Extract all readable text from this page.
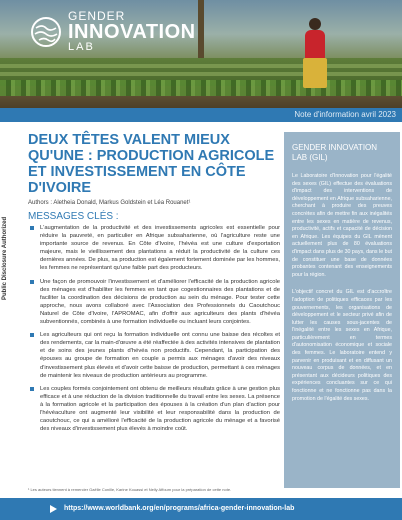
Note d'information avril 2023
GENDER
INNOVATION
LAB
Public Disclosure Authorized
DEUX TÊTES VALENT MIEUX QU'UNE : PRODUCTION AGRICOLE ET INVESTISSEMENT EN CÔTE D'IVOIRE
Authors : Aletheia Donald, Markus Goldstein et Léa Rouanet¹
MESSAGES CLÉS :
L'augmentation de la productivité et des investissements agricoles est essentielle pour réduire la pauvreté, en particulier en Afrique subsaharienne, où l'agriculture reste une importante source de revenus. En Côte d'Ivoire, l'hévéa est une culture d'exportation majeure, mais le vieillissement des plantations a réduit la productivité de la culture ces dernières années. De plus, sa production est également fortement dominée par les hommes, les femmes ne représentant qu'une faible part des producteurs.
Une façon de promouvoir l'investissement et d'améliorer l'efficacité de la production agricole des ménages est d'habiliter les femmes en tant que cogestionnaires des plantations et de faciliter la coordination des décisions de production au sein du ménage. Pour tester cette approche, nous avons collaboré avec l'Association des Professionnels du Caoutchouc Naturel de Côte d'Ivoire, l'APROMAC, afin d'offrir aux agriculteurs des plants d'hévéa subventionnés, combinés à une formation individuelle ou incluant leurs conjointes.
Les agriculteurs qui ont reçu la formation individuelle ont connu une baisse des récoltes et des rendements, car la main-d'œuvre a été réaffectée à des activités intensives de plantation et de soins des jeunes plants d'hévéa non productifs. Cependant, la participation des épouses au groupe de formation en couple a permis aux ménages d'avoir des niveaux d'investissement plus élevés et d'avoir cette baisse de production, permettant à ces ménages de maintenir les niveaux de production antérieurs au programme.
Les couples formés conjointement ont obtenu de meilleurs résultats grâce à une gestion plus efficace et à une réduction de la division traditionnelle du travail entre les sexes. La présence à la formation agricole et la participation des épouses à la création d'un plan d'action pour l'hévéaculture ont augmenté leur visibilité et leur responsabilité dans la production de caoutchouc, ce qui a amélioré l'efficacité de la production agricole du ménage et a favorisé des niveaux d'investissement plus élevés à moindre coût.
¹ Les auteurs tiennent à remercier Gaëlle Conille, Karine Kouassi et Nelly Affoum pour la préparation de cette note.
GENDER INNOVATION LAB (GIL)

Le Laboratoire d'Innovation pour l'égalité des sexes (GIL) effectue des évaluations d'impact des interventions de développement en Afrique subsaharienne, cherchant à produire des preuves concrètes afin de mettre fin aux inégalités entre les sexes en matière de revenus, productivité, actifs et capacité de décision en Afrique. Les équipes du GIL mènent actuellement plus de 80 évaluations d'impact dans plus de 30 pays, dans le but de constituer une base de données probantes contenant des enseignements pour la région.

L'objectif concret du GIL est d'accroître l'adoption de politiques efficaces par les gouvernements, les organisations de développement et le secteur privé afin de lutter les causes sous-jacentes de l'inégalité entre les sexes en Afrique, particulièrement en termes d'autonomisation économique et sociale des femmes. Le laboratoire entend y parvenir en produisant et en diffusant un nouveau corpus de données, et en présentant aux décideurs politiques des expériences concluantes sur ce qui fonctionne et ne fonctionne pas dans la promotion de l'égalité des sexes.

https://www.worldbank.org/en/programs/africa-gender-innovation-lab
